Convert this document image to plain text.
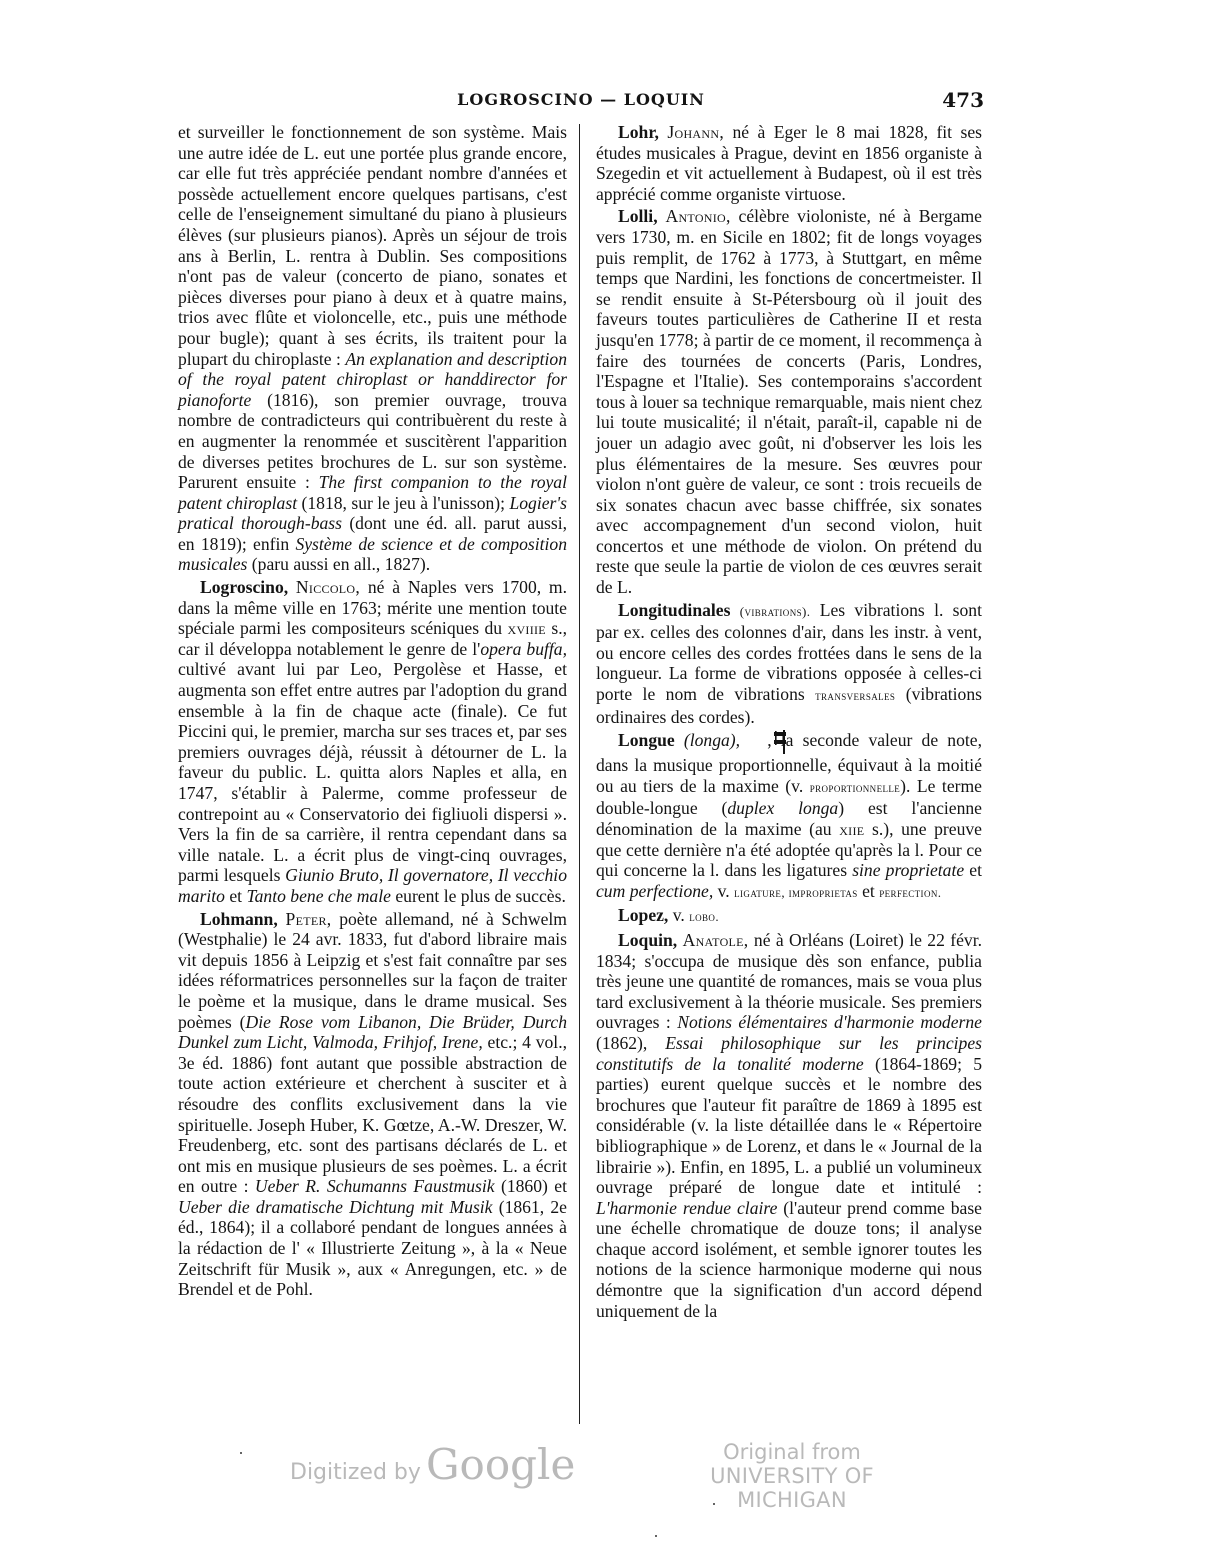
LOGROSCINO — LOQUIN	473

et surveiller le fonctionnement de son système. Mais une autre idée de L. eut une portée plus grande encore, car elle fut très appréciée pendant nombre d'années et possède actuellement encore quelques partisans, c'est celle de l'enseignement simultané du piano à plusieurs élèves (sur plusieurs pianos). Après un séjour de trois ans à Berlin, L. rentra à Dublin. Ses compositions n'ont pas de valeur (concerto de piano, sonates et pièces diverses pour piano à deux et à quatre mains, trios avec flûte et violoncelle, etc., puis une méthode pour bugle); quant à ses écrits, ils traitent pour la plupart du chiroplaste : An explanation and description of the royal patent chiroplast or handdirector for pianoforte (1816), son premier ouvrage, trouva nombre de contradicteurs qui contribuèrent du reste à en augmenter la renommée et suscitèrent l'apparition de diverses petites brochures de L. sur son système. Parurent ensuite : The first companion to the royal patent chiroplast (1818, sur le jeu à l'unisson); Logier's pratical thorough-bass (dont une éd. all. parut aussi, en 1819); enfin Système de science et de composition musicales (paru aussi en all., 1827).

Logroscino, Niccolo, né à Naples vers 1700, m. dans la même ville en 1763; mérite une mention toute spéciale parmi les compositeurs scéniques du xviiie s., car il développa notablement le genre de l'opera buffa, cultivé avant lui par Leo, Pergolèse et Hasse, et augmenta son effet entre autres par l'adoption du grand ensemble à la fin de chaque acte (finale). Ce fut Piccini qui, le premier, marcha sur ses traces et, par ses premiers ouvrages déjà, réussit à détourner de L. la faveur du public. L. quitta alors Naples et alla, en 1747, s'établir à Palerme, comme professeur de contrepoint au « Conservatorio dei figliuoli dispersi ». Vers la fin de sa carrière, il rentra cependant dans sa ville natale. L. a écrit plus de vingt-cinq ouvrages, parmi lesquels Giunio Bruto, Il governatore, Il vecchio marito et Tanto bene che male eurent le plus de succès.

Lohmann, Peter, poète allemand, né à Schwelm (Westphalie) le 24 avr. 1833, fut d'abord libraire mais vit depuis 1856 à Leipzig et s'est fait connaître par ses idées réformatrices personnelles sur la façon de traiter le poème et la musique, dans le drame musical. Ses poèmes (Die Rose vom Libanon, Die Brüder, Durch Dunkel zum Licht, Valmoda, Frihjof, Irene, etc.; 4 vol., 3e éd. 1886) font autant que possible abstraction de toute action extérieure et cherchent à susciter et à résoudre des conflits exclusivement dans la vie spirituelle. Joseph Huber, K. Gœtze, A.-W. Dreszer, W. Freudenberg, etc. sont des partisans déclarés de L. et ont mis en musique plusieurs de ses poèmes. L. a écrit en outre : Ueber R. Schumanns Faustmusik (1860) et Ueber die dramatische Dichtung mit Musik (1861, 2e éd., 1864); il a collaboré pendant de longues années à la rédaction de l' « Illustrierte Zeitung », à la « Neue Zeitschrift für Musik », aux « Anregungen, etc. » de Brendel et de Pohl.

Lohr, Johann, né à Eger le 8 mai 1828, fit ses études musicales à Prague, devint en 1856 organiste à Szegedin et vit actuellement à Budapest, où il est très apprécié comme organiste virtuose.

Lolli, Antonio, célèbre violoniste, né à Bergame vers 1730, m. en Sicile en 1802; fit de longs voyages puis remplit, de 1762 à 1773, à Stuttgart, en même temps que Nardini, les fonctions de concertmeister. Il se rendit ensuite à St-Pétersbourg où il jouit des faveurs toutes particulières de Catherine II et resta jusqu'en 1778; à partir de ce moment, il recommença à faire des tournées de concerts (Paris, Londres, l'Espagne et l'Italie). Ses contemporains s'accordent tous à louer sa technique remarquable, mais nient chez lui toute musicalité; il n'était, paraît-il, capable ni de jouer un adagio avec goût, ni d'observer les lois les plus élémentaires de la mesure. Ses œuvres pour violon n'ont guère de valeur, ce sont : trois recueils de six sonates chacun avec basse chiffrée, six sonates avec accompagnement d'un second violon, huit concertos et une méthode de violon. On prétend du reste que seule la partie de violon de ces œuvres serait de L.

Longitudinales (vibrations). Les vibrations l. sont par ex. celles des colonnes d'air, dans les instr. à vent, ou encore celles des cordes frottées dans le sens de la longueur. La forme de vibrations opposée à celles-ci porte le nom de vibrations transversales (vibrations ordinaires des cordes).

Longue (longa), , la seconde valeur de note, dans la musique proportionnelle, équivaut à la moitié ou au tiers de la maxime (v. proportionnelle). Le terme double-longue (duplex longa) est l'ancienne dénomination de la maxime (au xiie s.), une preuve que cette dernière n'a été adoptée qu'après la l. Pour ce qui concerne la l. dans les ligatures sine proprietate et cum perfectione, v. ligature, improprietas et perfection.

Lopez, v. lobo.

Loquin, Anatole, né à Orléans (Loiret) le 22 févr. 1834; s'occupa de musique dès son enfance, publia très jeune une quantité de romances, mais se voua plus tard exclusivement à la théorie musicale. Ses premiers ouvrages : Notions élémentaires d'harmonie moderne (1862), Essai philosophique sur les principes constitutifs de la tonalité moderne (1864-1869; 5 parties) eurent quelque succès et le nombre des brochures que l'auteur fit paraître de 1869 à 1895 est considérable (v. la liste détaillée dans le « Répertoire bibliographique » de Lorenz, et dans le « Journal de la librairie »). Enfin, en 1895, L. a publié un volumineux ouvrage préparé de longue date et intitulé : L'harmonie rendue claire (l'auteur prend comme base une échelle chromatique de douze tons; il analyse chaque accord isolément, et semble ignorer toutes les notions de la science harmonique moderne qui nous démontre que la signification d'un accord dépend uniquement de la

Digitized by Google	Original from
UNIVERSITY OF MICHIGAN
